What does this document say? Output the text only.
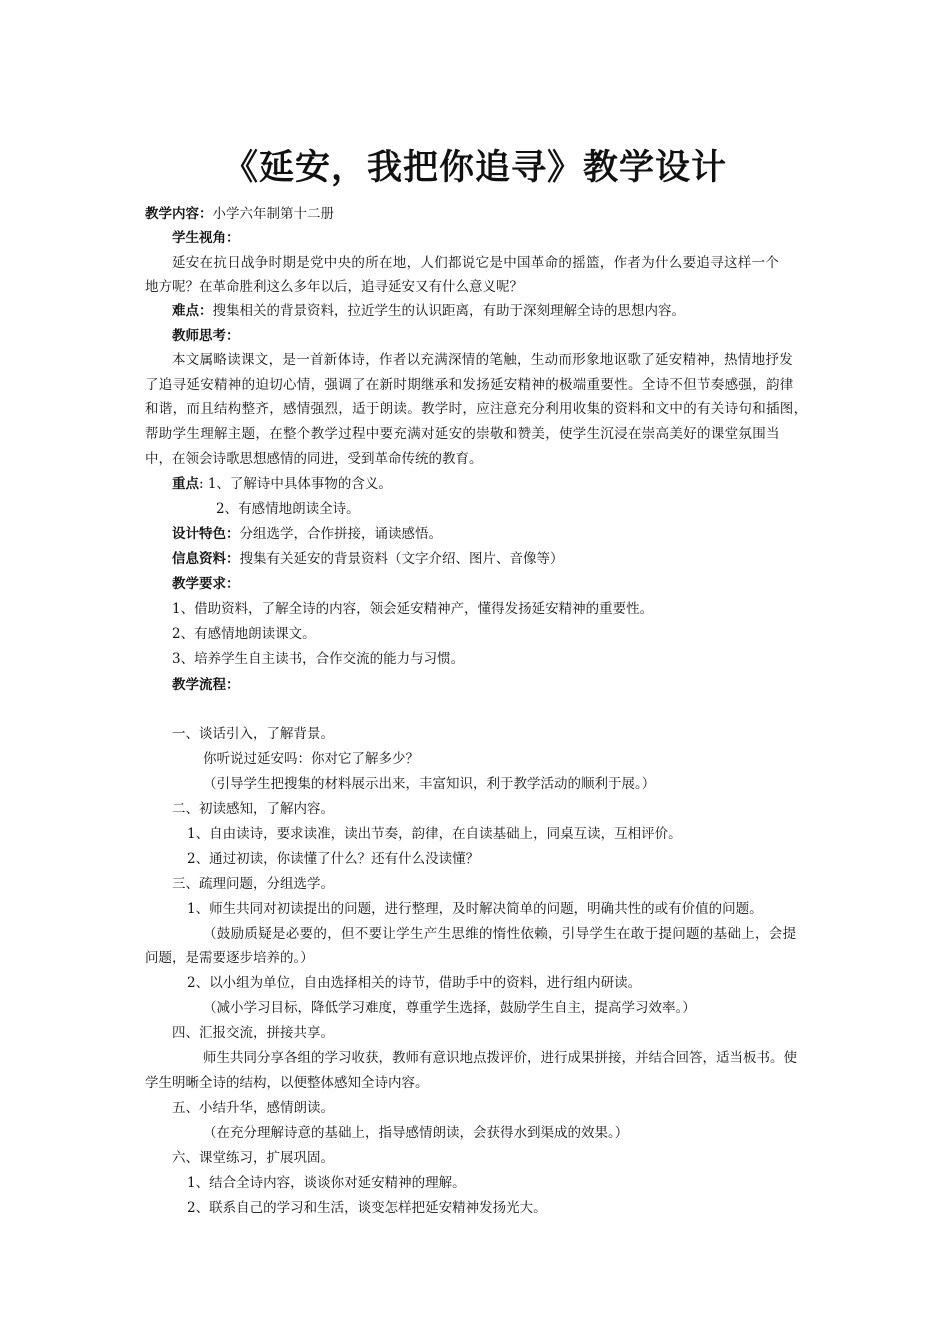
《延安，我把你追寻》教学设计

教学内容：小学六年制第十二册

学生视角：

延安在抗日战争时期是党中央的所在地，人们都说它是中国革命的摇篮，作者为什么要追寻这样一个

地方呢？在革命胜利这么多年以后，追寻延安又有什么意义呢？

难点：搜集相关的背景资料，拉近学生的认识距离，有助于深刻理解全诗的思想内容。

教师思考：

本文属略读课文，是一首新体诗，作者以充满深情的笔触，生动而形象地讴歌了延安精神，热情地抒发

了追寻延安精神的迫切心情，强调了在新时期继承和发扬延安精神的极端重要性。全诗不但节奏感强，韵律

和谐，而且结构整齐，感情强烈，适于朗读。教学时，应注意充分利用收集的资料和文中的有关诗句和插图，

帮助学生理解主题，在整个教学过程中要充满对延安的崇敬和赞美，使学生沉浸在崇高美好的课堂氛围当

中，在领会诗歌思想感情的同进，受到革命传统的教育。

重点: 1、了解诗中具体事物的含义。

2、有感情地朗读全诗。

设计特色：分组选学，合作拼接，诵读感悟。

信息资料：搜集有关延安的背景资料（文字介绍、图片、音像等）

教学要求：

1、借助资料，了解全诗的内容，领会延安精神产，懂得发扬延安精神的重要性。

2、有感情地朗读课文。

3、培养学生自主读书，合作交流的能力与习惯。

教学流程：

一、谈话引入，了解背景。

你听说过延安吗：你对它了解多少？

（引导学生把搜集的材料展示出来，丰富知识，利于教学活动的顺利于展。）

二、初读感知，了解内容。

1、自由读诗，要求读准，读出节奏，韵律，在自读基础上，同桌互读，互相评价。

2、通过初读，你读懂了什么？还有什么没读懂？

三、疏理问题，分组选学。

1、师生共同对初读提出的问题，进行整理，及时解决简单的问题，明确共性的或有价值的问题。

（鼓励质疑是必要的，但不要让学生产生思维的惰性依赖，引导学生在敢于提问题的基础上，会提

问题，是需要逐步培养的。）

2、以小组为单位，自由选择相关的诗节，借助手中的资料，进行组内研读。

（减小学习目标，降低学习难度，尊重学生选择，鼓励学生自主，提高学习效率。）

四、汇报交流，拼接共享。

师生共同分享各组的学习收获，教师有意识地点拨评价，进行成果拼接，并结合回答，适当板书。使

学生明晰全诗的结构，以便整体感知全诗内容。

五、小结升华，感情朗读。

（在充分理解诗意的基础上，指导感情朗读，会获得水到渠成的效果。）

六、课堂练习，扩展巩固。

1、结合全诗内容，谈谈你对延安精神的理解。

2、联系自己的学习和生活，谈变怎样把延安精神发扬光大。
